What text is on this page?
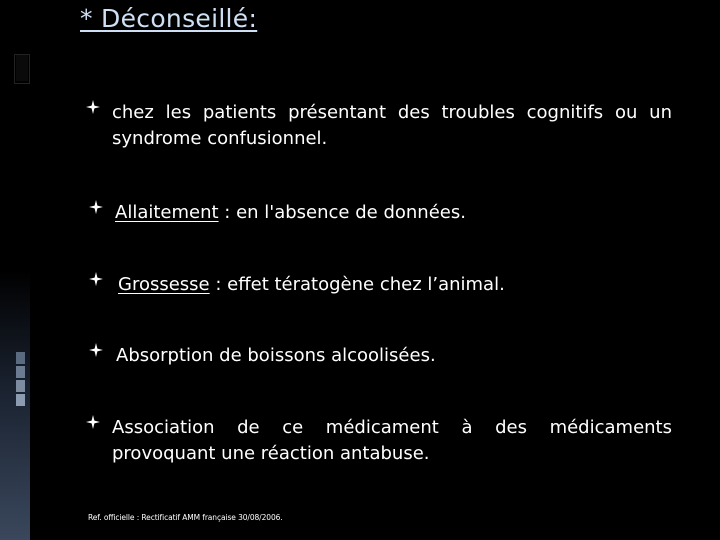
* Déconseillé:
chez les patients présentant des troubles cognitifs ou un syndrome confusionnel.
Allaitement : en l'absence de données.
Grossesse : effet tératogène chez l’animal.
Absorption de boissons alcoolisées.
Association de ce médicament à des médicaments provoquant une réaction antabuse.
Ref. officielle : Rectificatif AMM française 30/08/2006.
